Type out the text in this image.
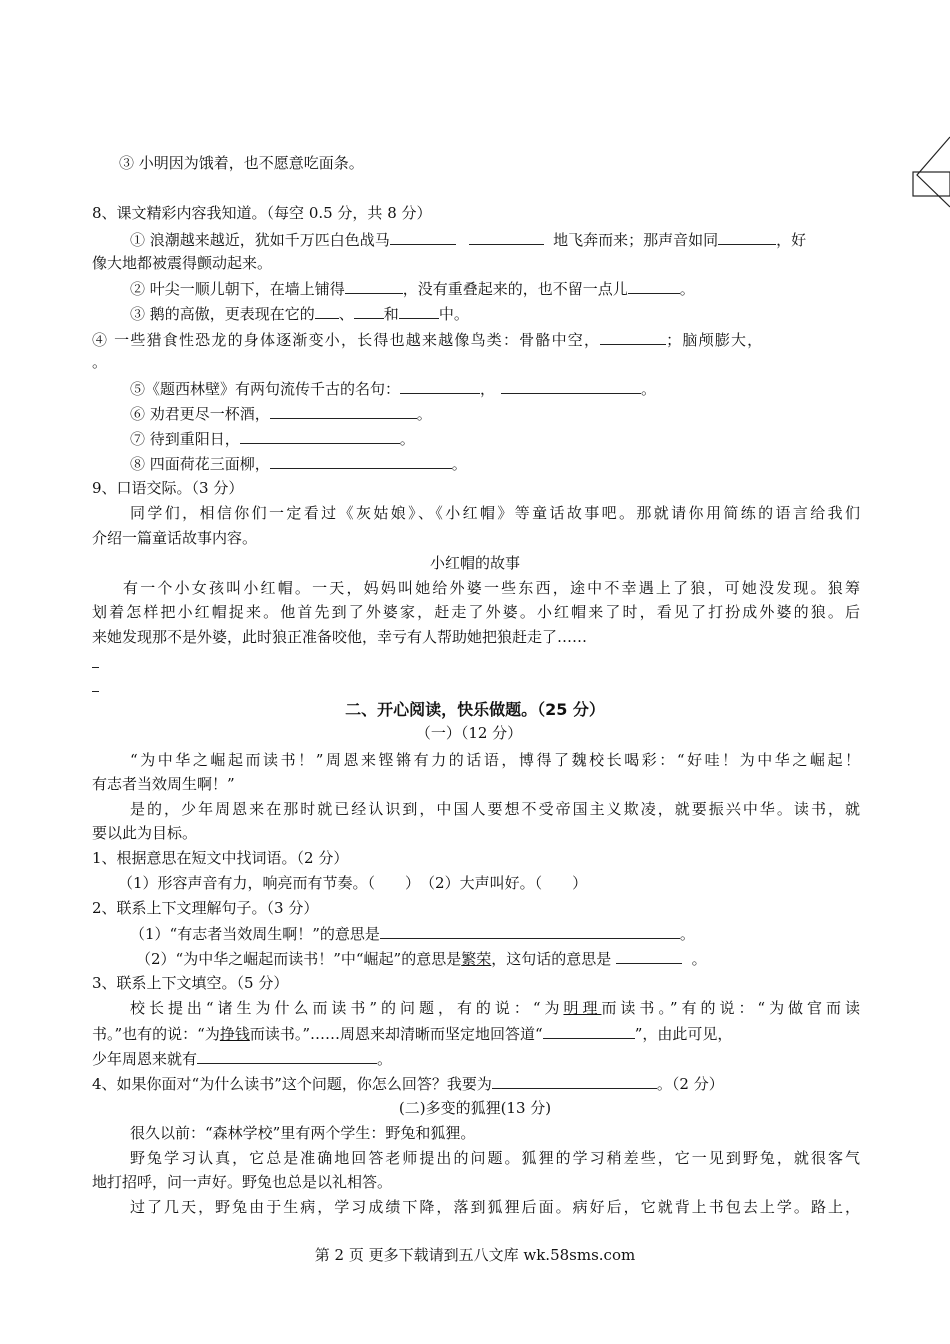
③ 小明因为饿着，也不愿意吃面条。
8、课文精彩内容我知道。（每空 0.5 分，共 8 分）
① 浪潮越来越近，犹如千万匹白色战马	地飞奔而来；那声音如同	，好
像大地都被震得颤动起来。
② 叶尖一顺儿朝下，在墙上铺得	，没有重叠起来的，也不留一点儿	。
③ 鹅的高傲，更表现在它的 、 和	中。
④ 一些猎食性恐龙的身体逐渐变小，长得也越来越像鸟类：骨骼中空，	；脑颅膨大，
。
⑤《题西林壁》有两句流传千古的名句：	，	。
⑥ 劝君更尽一杯酒，	。
⑦ 待到重阳日，	。
⑧ 四面荷花三面柳，	。
9、口语交际。（3 分）
同学们，相信你们一定看过《灰姑娘》、《小红帽》等童话故事吧。那就请你用简练的语言给我们
介绍一篇童话故事内容。
小红帽的故事
有一个小女孩叫小红帽。一天，妈妈叫她给外婆一些东西，途中不幸遇上了狼，可她没发现。狼筹
划着怎样把小红帽捉来。他首先到了外婆家，赶走了外婆。小红帽来了时，看见了打扮成外婆的狼。后
来她发现那不是外婆，此时狼正准备咬他，幸亏有人帮助她把狼赶走了……
二、开心阅读，快乐做题。（25 分）
（一）（12 分）
“为中华之崛起而读书！”周恩来铿锵有力的话语，博得了魏校长喝彩：“好哇！为中华之崛起！
有志者当效周生啊！”
是的，少年周恩来在那时就已经认识到，中国人要想不受帝国主义欺凌，就要振兴中华。读书，就
要以此为目标。
1、根据意思在短文中找词语。（2 分）
（1）形容声音有力，响亮而有节奏。（　　）　（2）大声叫好。（　　）
2、联系上下文理解句子。（3 分）
（1）“有志者当效周生啊！”的意思是	。
（2）“为中华之崛起而读书！”中“崛起”的意思是繁荣，这句话的意思是	。
3、联系上下文填空。（5 分）
校长提出“诸生为什么而读书”的问题，有的说：“为明理而读书。”有的说：“为做官而读
书。”也有的说：“为挣钱而读书。”……周恩来却清晰而坚定地回答道“	”，由此可见，
少年周恩来就有	。
4、如果你面对“为什么读书”这个问题，你怎么回答？我要为	。（2 分）
(二)多变的狐狸(13 分)
很久以前：“森林学校”里有两个学生：野兔和狐狸。
野兔学习认真，它总是准确地回答老师提出的问题。狐狸的学习稍差些，它一见到野兔，就很客气
地打招呼，问一声好。野兔也总是以礼相答。
过了几天，野兔由于生病，学习成绩下降，落到狐狸后面。病好后，它就背上书包去上学。路上，
第 2 页 更多下载请到五八文库 wk.58sms.com
